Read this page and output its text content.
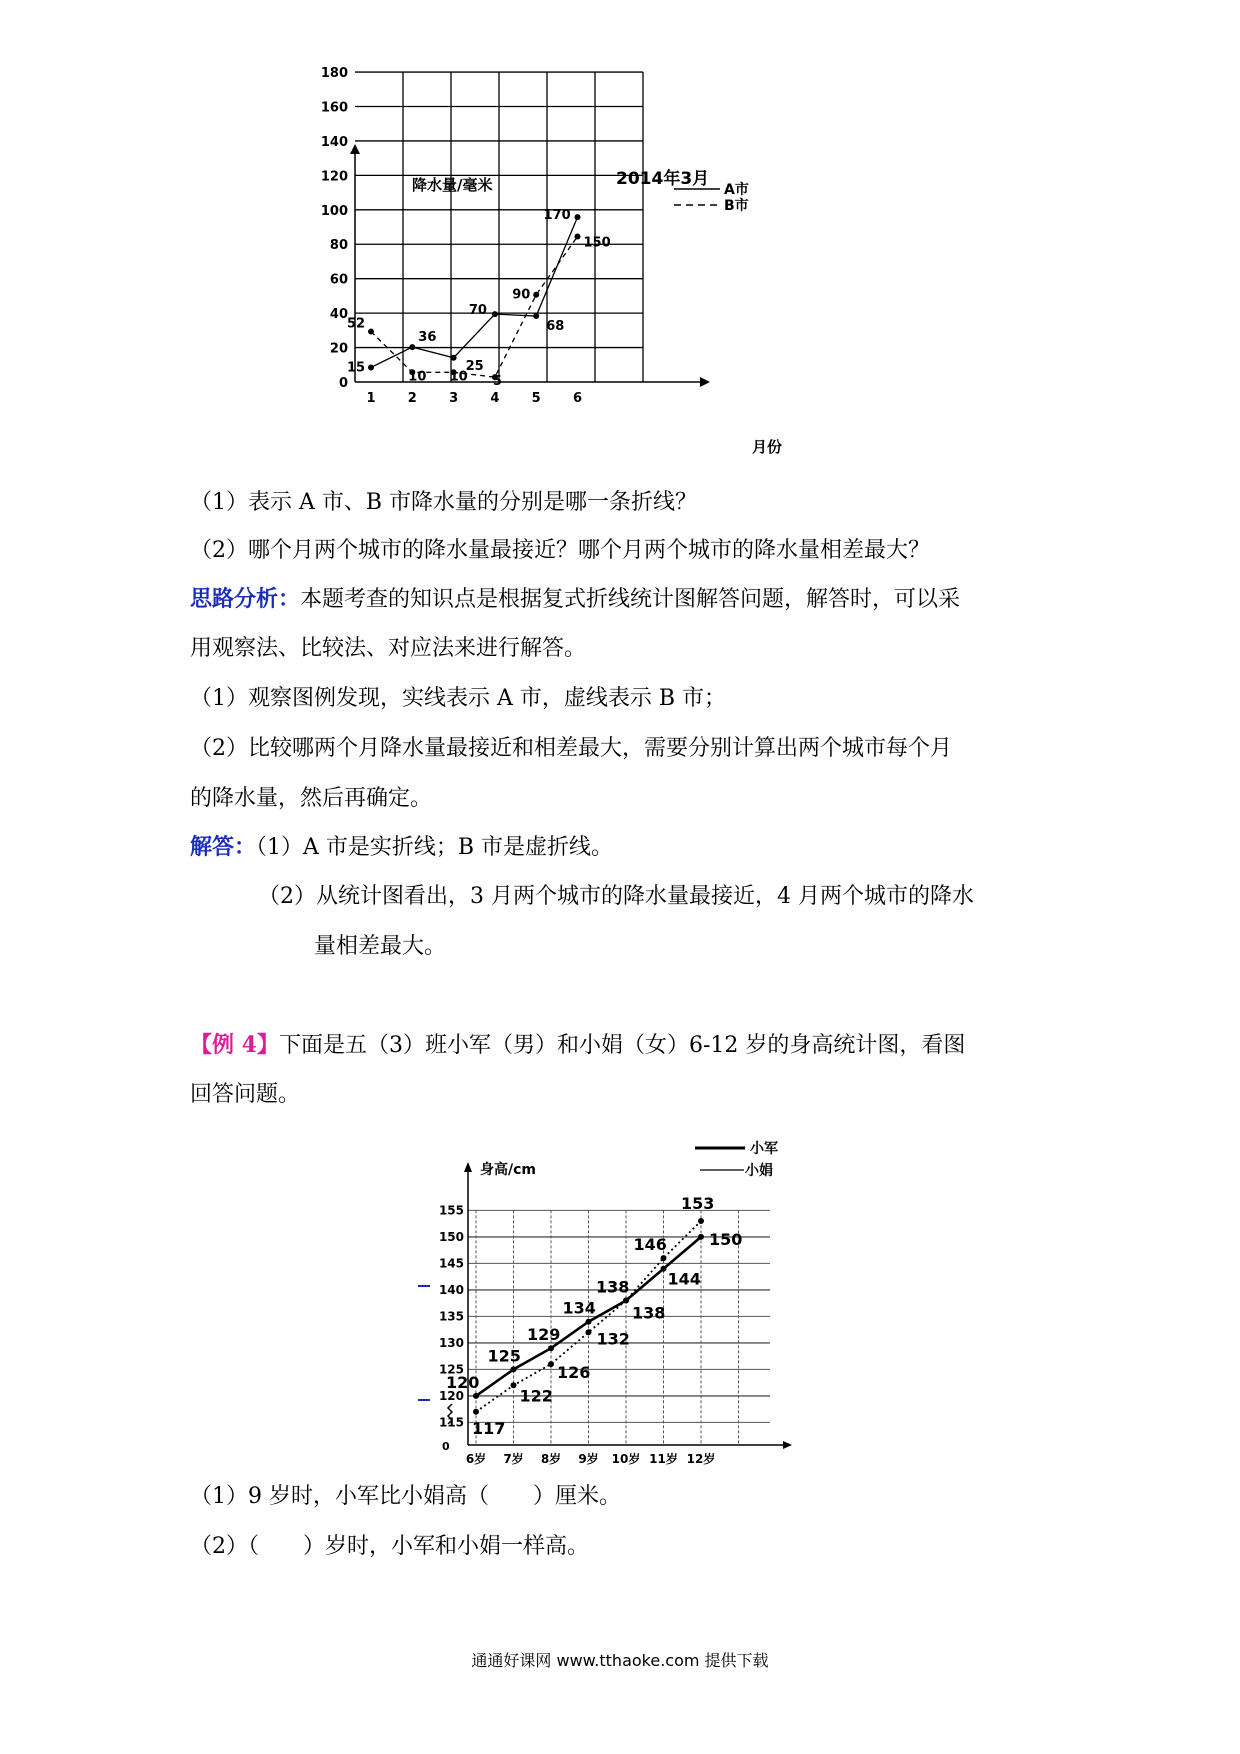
降水量/毫米	2014年3月
A市
B市
0
20
40
60
80
100
120
140
160
180
1 2 3 4 5 6
15
36
25
70
68
170
52
10 10 5
90
150
月份
（1）表示 A 市、B 市降水量的分别是哪一条折线？
（2）哪个月两个城市的降水量最接近？哪个月两个城市的降水量相差最大？
思路分析：本题考查的知识点是根据复式折线统计图解答问题，解答时，可以采
用观察法、比较法、对应法来进行解答。
（1）观察图例发现，实线表示 A 市，虚线表示 B 市；
（2）比较哪两个月降水量最接近和相差最大，需要分别计算出两个城市每个月
的降水量，然后再确定。
解答：（1）A 市是实折线；B 市是虚折线。
（2）从统计图看出，3 月两个城市的降水量最接近，4 月两个城市的降水
量相差最大。
【例 4】下面是五（3）班小军（男）和小娟（女）6-12 岁的身高统计图，看图
回答问题。
身高/cm
小军
小娟
115
120
125
130
135
140
145
150
155
0
6岁 7岁 8岁 9岁 10岁 11岁 12岁
120
125
129
134
138 144
150
117
122
126
132
138
146
153
（1）9 岁时，小军比小娟高（　　）厘米。
（2）（　　）岁时，小军和小娟一样高。
通通好课网 www.tthaoke.com 提供下载
